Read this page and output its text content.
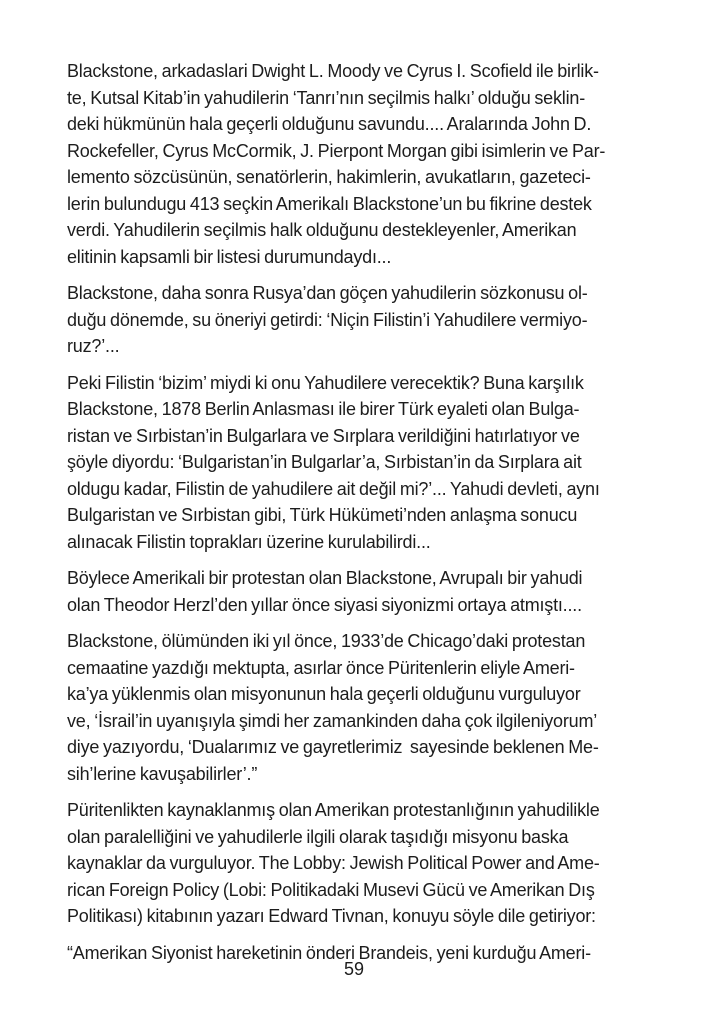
Blackstone, arkadaslari Dwight L. Moody ve Cyrus I. Scofield ile birlik-
te, Kutsal Kitab’in yahudilerin ‘Tanrı’nın seçilmis halkı’ olduğu seklin-
deki hükmünün hala geçerli olduğunu savundu.... Aralarında John D.
Rockefeller, Cyrus McCormik, J. Pierpont Morgan gibi isimlerin ve Par-
lemento sözcüsünün, senatörlerin, hakimlerin, avukatların, gazeteci-
lerin bulundugu 413 seçkin Amerikalı Blackstone’un bu fikrine destek
verdi. Yahudilerin seçilmis halk olduğunu destekleyenler, Amerikan
elitinin kapsamli bir listesi durumundaydı...

Blackstone, daha sonra Rusya’dan göçen yahudilerin sözkonusu ol-
duğu dönemde, su öneriyi getirdi: ‘Niçin Filistin’i Yahudilere vermiyo-
ruz?’...

Peki Filistin ‘bizim’ miydi ki onu Yahudilere verecektik? Buna karşılık
Blackstone, 1878 Berlin Anlasması ile birer Türk eyaleti olan Bulga-
ristan ve Sırbistan’in Bulgarlara ve Sırplara verildiğini hatırlatıyor ve
şöyle diyordu: ‘Bulgaristan’in Bulgarlar’a, Sırbistan’in da Sırplara ait
oldugu kadar, Filistin de yahudilere ait değil mi?’... Yahudi devleti, aynı
Bulgaristan ve Sırbistan gibi, Türk Hükümeti’nden anlaşma sonucu
alınacak Filistin toprakları üzerine kurulabilirdi...

Böylece Amerikali bir protestan olan Blackstone, Avrupalı bir yahudi
olan Theodor Herzl’den yıllar önce siyasi siyonizmi ortaya atmıştı....

Blackstone, ölümünden iki yıl önce, 1933’de Chicago’daki protestan
cemaatine yazdığı mektupta, asırlar önce Püritenlerin eliyle Ameri-
ka’ya yüklenmis olan misyonunun hala geçerli olduğunu vurguluyor
ve, ‘İsrail’in uyanışıyla şimdi her zamankinden daha çok ilgileniyorum’
diye yazıyordu, ‘Dualarımız ve gayretlerimiz  sayesinde beklenen Me-
sih’lerine kavuşabilirler’.”

Püritenlikten kaynaklanmış olan Amerikan protestanlığının yahudilikle
olan paralelliğini ve yahudilerle ilgili olarak taşıdığı misyonu baska
kaynaklar da vurguluyor. The Lobby: Jewish Political Power and Ame-
rican Foreign Policy (Lobi: Politikadaki Musevi Gücü ve Amerikan Dış
Politikası) kitabının yazarı Edward Tivnan, konuyu söyle dile getiriyor:

“Amerikan Siyonist hareketinin önderi Brandeis, yeni kurduğu Ameri-

59
